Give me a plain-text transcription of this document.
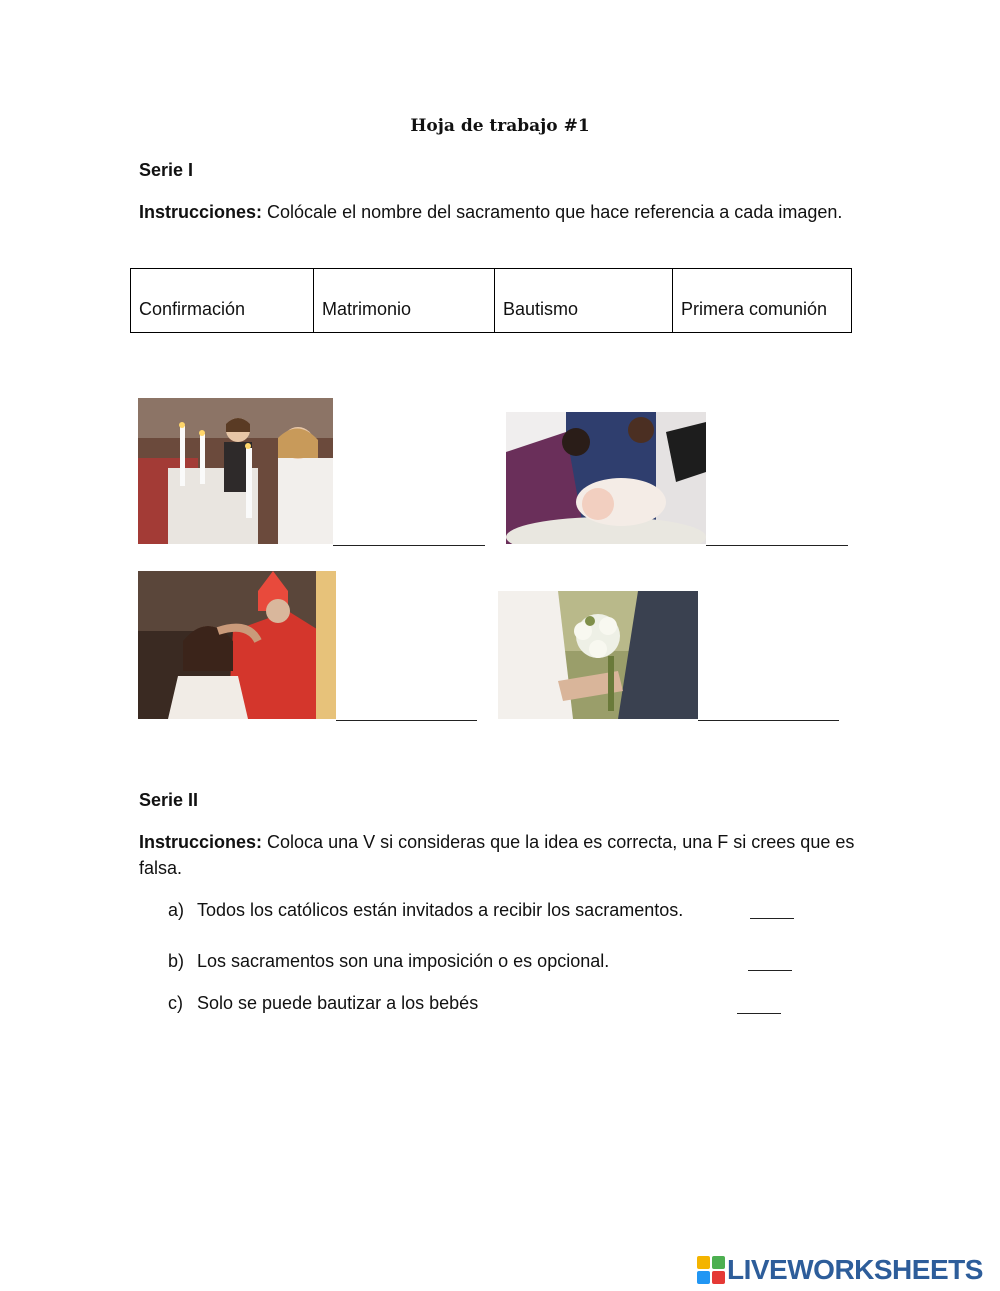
Hoja de trabajo #1
Serie I
Instrucciones: Colócale el nombre del sacramento que hace referencia a cada imagen.
Confirmación	Matrimonio	Bautismo	Primera comunión
Serie II
Instrucciones: Coloca una V si consideras que la idea es correcta, una F si crees que es falsa.
a) Todos los católicos están invitados a recibir los sacramentos.
b) Los sacramentos son una imposición o es opcional.
c) Solo se puede bautizar a los bebés
LIVEWORKSHEETS
